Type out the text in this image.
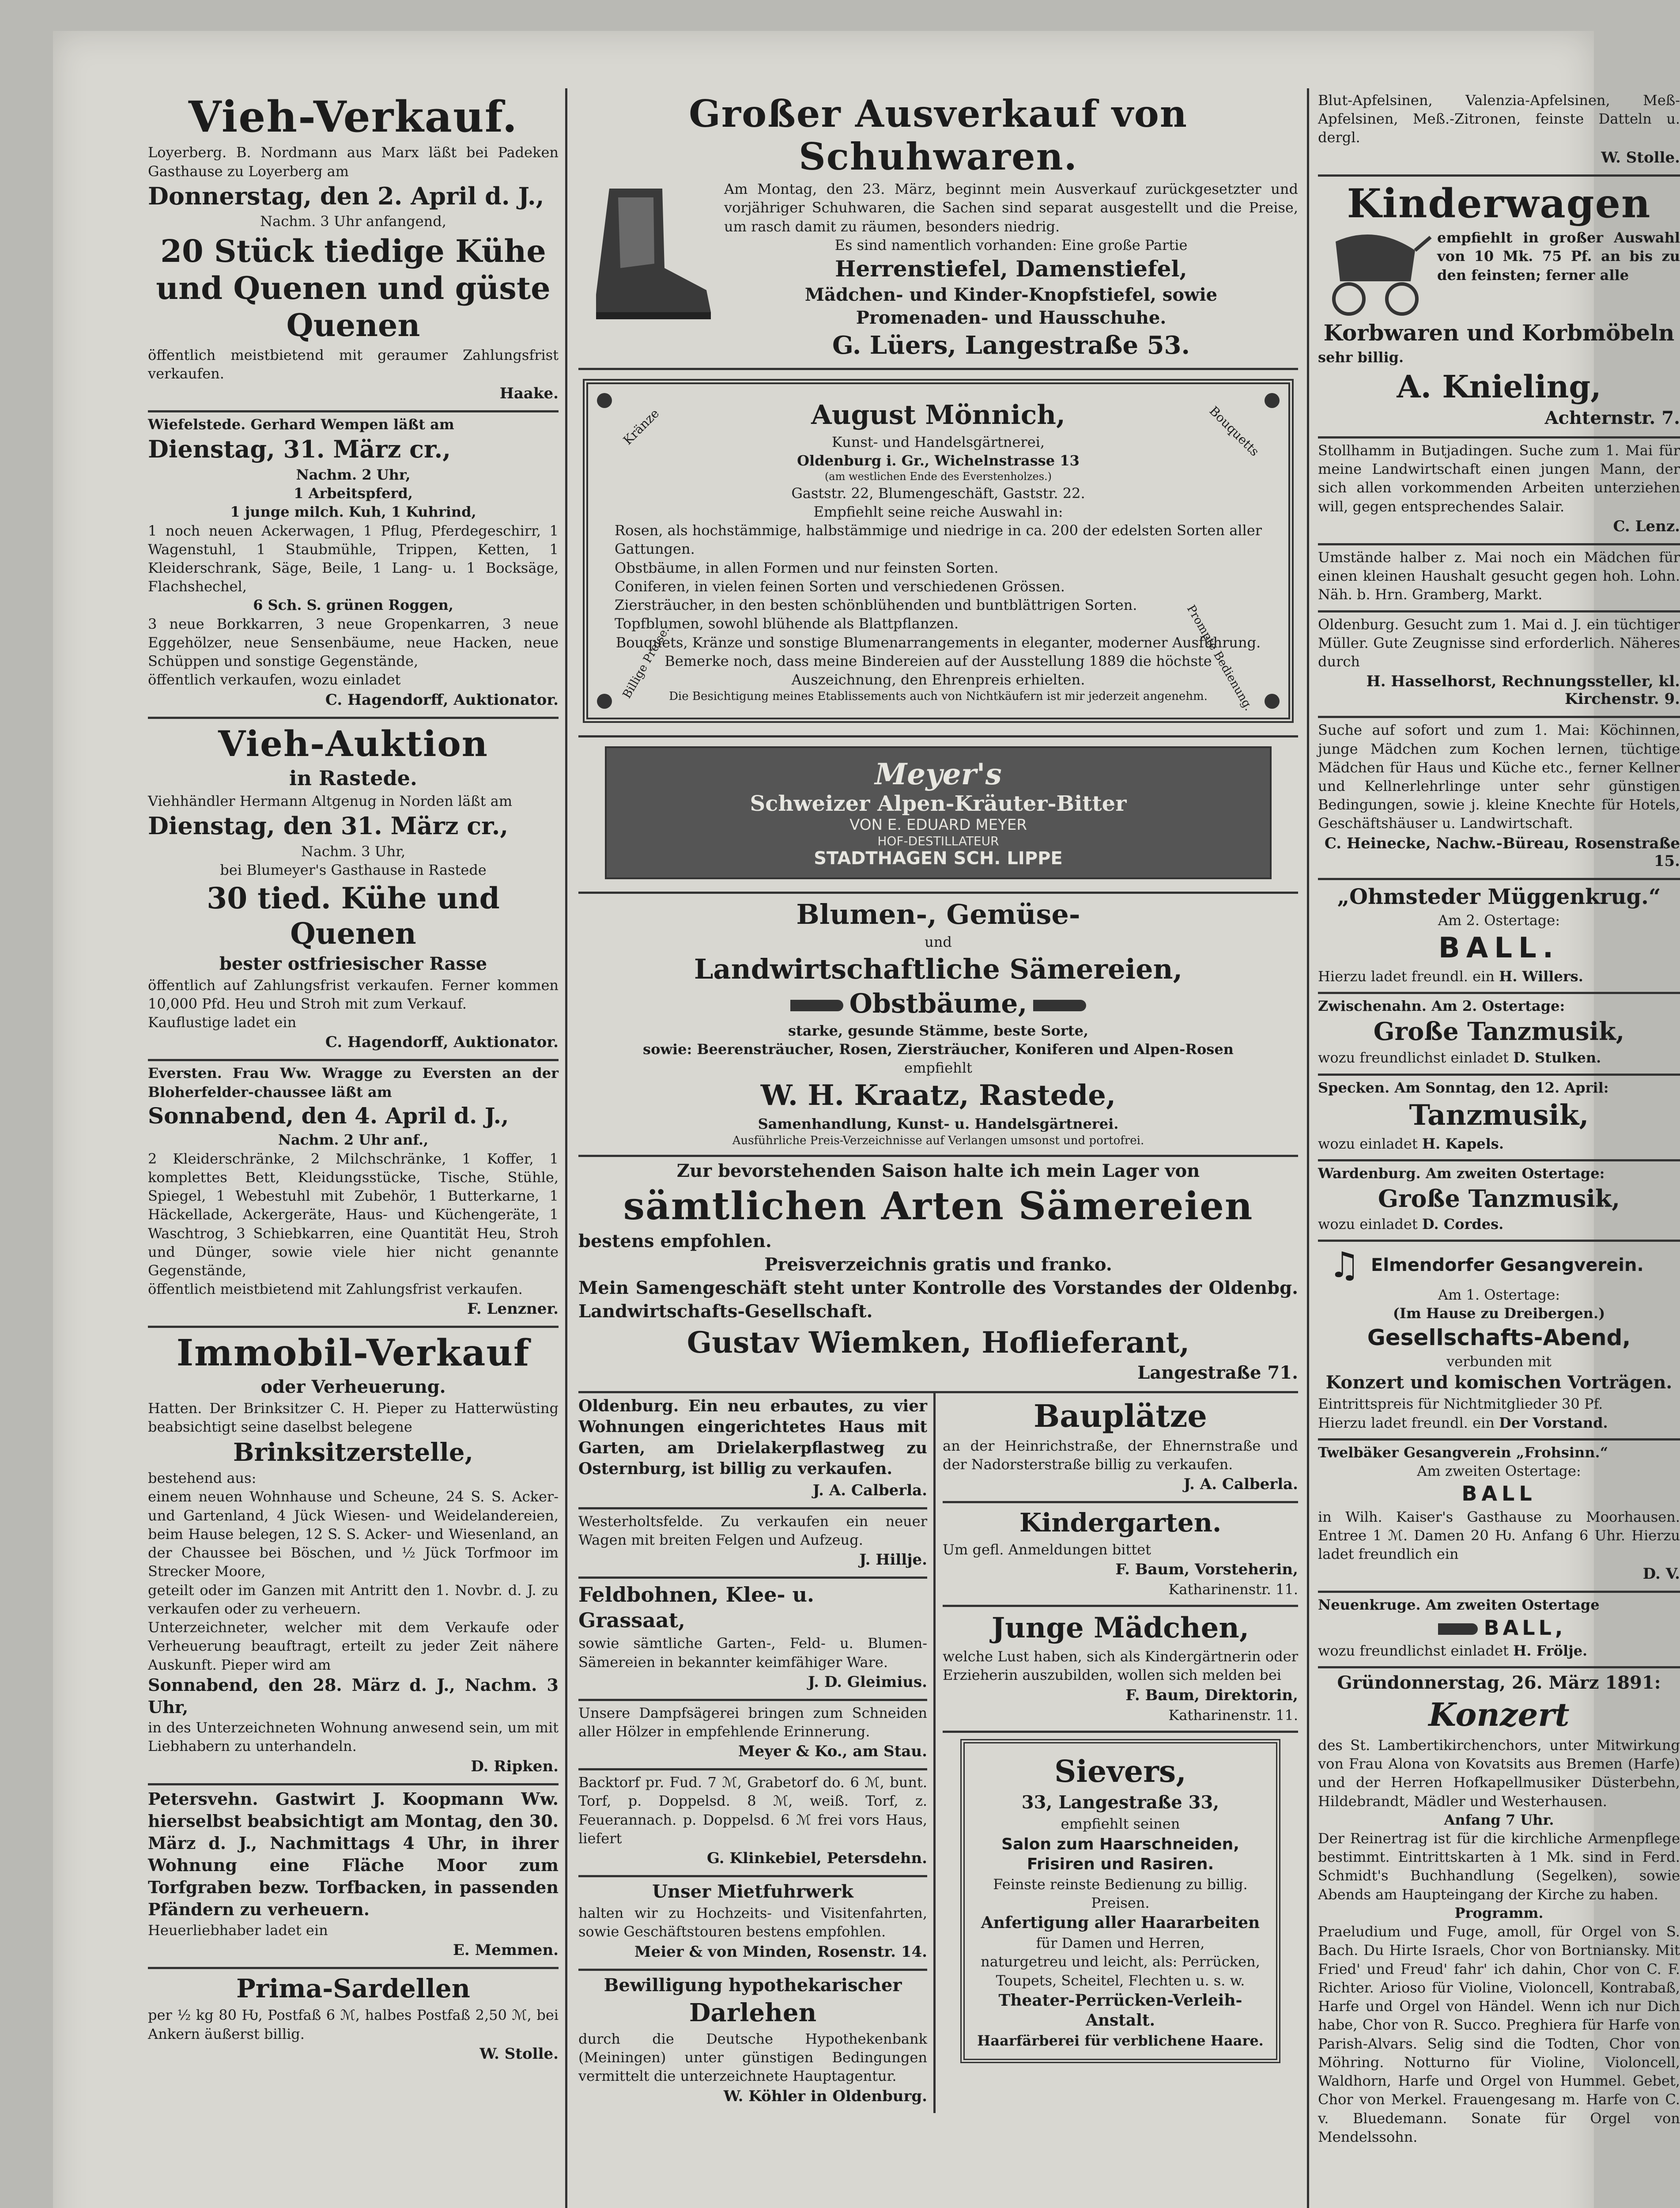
Vieh-Verkauf.

Loyerberg. B. Nordmann aus Marx läßt bei Padeken Gasthause zu Loyerberg am

Donnerstag, den 2. April d. J.,

Nachm. 3 Uhr anfangend,

20 Stück tiedige Kühe und Quenen und güste Quenen

öffentlich meistbietend mit geraumer Zahlungsfrist verkaufen.

Haake.

Wiefelstede. Gerhard Wempen läßt am

Dienstag, 31. März cr.,

Nachm. 2 Uhr,

1 Arbeitspferd,

1 junge milch. Kuh, 1 Kuhrind,

1 noch neuen Ackerwagen, 1 Pflug, Pferdegeschirr, 1 Wagenstuhl, 1 Staubmühle, Trippen, Ketten, 1 Kleiderschrank, Säge, Beile, 1 Lang- u. 1 Bocksäge, Flachshechel,

6 Sch. S. grünen Roggen,

3 neue Borkkarren, 3 neue Gropenkarren, 3 neue Eggehölzer, neue Sensenbäume, neue Hacken, neue Schüppen und sonstige Gegenstände,

öffentlich verkaufen, wozu einladet

C. Hagendorff, Auktionator.
Vieh-Auktion
in Rastede.

Viehhändler Hermann Altgenug in Norden läßt am

Dienstag, den 31. März cr.,

Nachm. 3 Uhr,

bei Blumeyer's Gasthause in Rastede

30 tied. Kühe und Quenen
bester ostfriesischer Rasse

öffentlich auf Zahlungsfrist verkaufen. Ferner kommen 10,000 Pfd. Heu und Stroh mit zum Verkauf.

Kauflustige ladet ein

C. Hagendorff, Auktionator.

Eversten. Frau Ww. Wragge zu Eversten an der Bloherfelder-chaussee läßt am

Sonnabend, den 4. April d. J.,

Nachm. 2 Uhr anf.,

2 Kleiderschränke, 2 Milchschränke, 1 Koffer, 1 komplettes Bett, Kleidungsstücke, Tische, Stühle, Spiegel, 1 Webestuhl mit Zubehör, 1 Butterkarne, 1 Häckellade, Ackergeräte, Haus- und Küchengeräte, 1 Waschtrog, 3 Schiebkarren, eine Quantität Heu, Stroh und Dünger, sowie viele hier nicht genannte Gegenstände,

öffentlich meistbietend mit Zahlungsfrist verkaufen.

F. Lenzner.
Immobil-Verkauf
oder Verheuerung.

Hatten. Der Brinksitzer C. H. Pieper zu Hatterwüsting beabsichtigt seine daselbst belegene

Brinksitzerstelle,

bestehend aus:

einem neuen Wohnhause und Scheune, 24 S. S. Acker- und Gartenland, 4 Jück Wiesen- und Weidelandereien, beim Hause belegen, 12 S. S. Acker- und Wiesenland, an der Chaussee bei Böschen, und ½ Jück Torfmoor im Strecker Moore,

geteilt oder im Ganzen mit Antritt den 1. Novbr. d. J. zu verkaufen oder zu verheuern.

Unterzeichneter, welcher mit dem Verkaufe oder Verheuerung beauftragt, erteilt zu jeder Zeit nähere Auskunft. Pieper wird am

Sonnabend, den 28. März d. J., Nachm. 3 Uhr,

in des Unterzeichneten Wohnung anwesend sein, um mit Liebhabern zu unterhandeln.

D. Ripken.

Petersvehn. Gastwirt J. Koopmann Ww. hierselbst beabsichtigt am Montag, den 30. März d. J., Nachmittags 4 Uhr, in ihrer Wohnung eine Fläche Moor zum Torfgraben bezw. Torfbacken, in passenden Pfändern zu verheuern.

Heuerliebhaber ladet ein

E. Memmen.
Prima-Sardellen

per ½ kg 80 Ƕ, Postfaß 6 ℳ, halbes Postfaß 2,50 ℳ, bei Ankern äußerst billig.

W. Stolle.
Großer Ausverkauf von Schuhwaren.

Am Montag, den 23. März, beginnt mein Ausverkauf zurückgesetzter und vorjähriger Schuhwaren, die Sachen sind separat ausgestellt und die Preise, um rasch damit zu räumen, besonders niedrig.

Es sind namentlich vorhanden: Eine große Partie

Herrenstiefel, Damenstiefel,
Mädchen- und Kinder-Knopfstiefel, sowie
Promenaden- und Hausschuhe.
G. Lüers, Langestraße 53.
Kränze	Bouquetts
Billige Preise.	Prompte Bedienung.
August Mönnich,

Kunst- und Handelsgärtnerei,

Oldenburg i. Gr., Wichelnstrasse 13

(am westlichen Ende des Everstenholzes.)

Gaststr. 22, Blumengeschäft, Gaststr. 22.

Empfiehlt seine reiche Auswahl in:

Rosen, als hochstämmige, halbstämmige und niedrige in ca. 200 der edelsten Sorten aller Gattungen.

Obstbäume, in allen Formen und nur feinsten Sorten.

Coniferen, in vielen feinen Sorten und verschiedenen Grössen.

Ziersträucher, in den besten schönblühenden und buntblättrigen Sorten.

Topfblumen, sowohl blühende als Blattpflanzen.

Bouquets, Kränze und sonstige Blumenarrangements in eleganter, moderner Ausführung.

Bemerke noch, dass meine Bindereien auf der Ausstellung 1889 die höchste Auszeichnung, den Ehrenpreis erhielten.

Die Besichtigung meines Etablissements auch von Nichtkäufern ist mir jederzeit angenehm.

Meyer's
Schweizer Alpen-Kräuter-Bitter
VON E. EDUARD MEYER
HOF-DESTILLATEUR
STADTHAGEN SCH. LIPPE
Blumen-, Gemüse-

und

Landwirtschaftliche Sämereien,
Obstbäume,

starke, gesunde Stämme, beste Sorte,

sowie: Beerensträucher, Rosen, Ziersträucher, Koniferen und Alpen-Rosen

empfiehlt

W. H. Kraatz, Rastede,

Samenhandlung, Kunst- u. Handelsgärtnerei.

Ausführliche Preis-Verzeichnisse auf Verlangen umsonst und portofrei.

Zur bevorstehenden Saison halte ich mein Lager von

sämtlichen Arten Sämereien

bestens empfohlen.

Preisverzeichnis gratis und franko.

Mein Samengeschäft steht unter Kontrolle des Vorstandes der Oldenbg. Landwirtschafts-Gesellschaft.

Gustav Wiemken, Hoflieferant,
Langestraße 71.

Oldenburg. Ein neu erbautes, zu vier Wohnungen eingerichtetes Haus mit Garten, am Drielakerpflastweg zu Osternburg, ist billig zu verkaufen.

J. A. Calberla.

Westerholtsfelde. Zu verkaufen ein neuer Wagen mit breiten Felgen und Aufzeug.

J. Hillje.
Feldbohnen, Klee- u. Grassaat,

sowie sämtliche Garten-, Feld- u. Blumen-Sämereien in bekannter keimfähiger Ware.

J. D. Gleimius.

Unsere Dampfsägerei bringen zum Schneiden aller Hölzer in empfehlende Erinnerung.

Meyer & Ko., am Stau.

Backtorf pr. Fud. 7 ℳ, Grabetorf do. 6 ℳ, bunt. Torf, p. Doppelsd. 8 ℳ, weiß. Torf, z. Feuerannach. p. Doppelsd. 6 ℳ frei vors Haus, liefert

G. Klinkebiel, Petersdehn.
Unser Mietfuhrwerk

halten wir zu Hochzeits- und Visitenfahrten, sowie Geschäftstouren bestens empfohlen.

Meier & von Minden, Rosenstr. 14.
Bewilligung hypothekarischer
Darlehen

durch die Deutsche Hypothekenbank (Meiningen) unter günstigen Bedingungen vermittelt die unterzeichnete Hauptagentur.

W. Köhler in Oldenburg.
Bauplätze

an der Heinrichstraße, der Ehnernstraße und der Nadorsterstraße billig zu verkaufen.

J. A. Calberla.
Kindergarten.

Um gefl. Anmeldungen bittet

F. Baum, Vorsteherin,

Katharinenstr. 11.

Junge Mädchen,

welche Lust haben, sich als Kindergärtnerin oder Erzieherin auszubilden, wollen sich melden bei

F. Baum, Direktorin,

Katharinenstr. 11.

Sievers,
33, Langestraße 33,

empfiehlt seinen

Salon zum Haarschneiden, Frisiren und Rasiren.

Feinste reinste Bedienung zu billig. Preisen.

Anfertigung aller Haararbeiten

für Damen und Herren,

naturgetreu und leicht, als: Perrücken, Toupets, Scheitel, Flechten u. s. w.

Theater-Perrücken-Verleih-Anstalt.

Haarfärberei für verblichene Haare.

Blut-Apfelsinen, Valenzia-Apfelsinen, Meß-Apfelsinen, Meß.-Zitronen, feinste Datteln u. dergl.

W. Stolle.
Kinderwagen

empfiehlt in großer Auswahl von 10 Mk. 75 Pf. an bis zu den feinsten; ferner alle

Korbwaren und Korbmöbeln

sehr billig.

A. Knieling,
Achternstr. 7.

Stollhamm in Butjadingen. Suche zum 1. Mai für meine Landwirtschaft einen jungen Mann, der sich allen vorkommenden Arbeiten unterziehen will, gegen entsprechendes Salair.

C. Lenz.

Umstände halber z. Mai noch ein Mädchen für einen kleinen Haushalt gesucht gegen hoh. Lohn. Näh. b. Hrn. Gramberg, Markt.

Oldenburg. Gesucht zum 1. Mai d. J. ein tüchtiger Müller. Gute Zeugnisse sind erforderlich. Näheres durch

H. Hasselhorst, Rechnungssteller, kl. Kirchenstr. 9.

Suche auf sofort und zum 1. Mai: Köchinnen, junge Mädchen zum Kochen lernen, tüchtige Mädchen für Haus und Küche etc., ferner Kellner und Kellnerlehrlinge unter sehr günstigen Bedingungen, sowie j. kleine Knechte für Hotels, Geschäftshäuser u. Landwirtschaft.

C. Heinecke, Nachw.-Büreau, Rosenstraße 15.
„Ohmsteder Müggenkrug.“

Am 2. Ostertage:

BALL.

Hierzu ladet freundl. ein H. Willers.

Zwischenahn. Am 2. Ostertage:

Große Tanzmusik,

wozu freundlichst einladet D. Stulken.

Specken. Am Sonntag, den 12. April:

Tanzmusik,

wozu einladet H. Kapels.

Wardenburg. Am zweiten Ostertage:

Große Tanzmusik,

wozu einladet D. Cordes.

♫ Elmendorfer Gesangverein.

Am 1. Ostertage:

(Im Hause zu Dreibergen.)

Gesellschafts-Abend,

verbunden mit

Konzert und komischen Vorträgen.

Eintrittspreis für Nichtmitglieder 30 Pf.

Hierzu ladet freundl. ein Der Vorstand.

Twelbäker Gesangverein „Frohsinn.“

Am zweiten Ostertage:

BALL

in Wilh. Kaiser's Gasthause zu Moorhausen. Entree 1 ℳ. Damen 20 Ƕ. Anfang 6 Uhr. Hierzu ladet freundlich ein

D. V.

Neuenkruge. Am zweiten Ostertage

BALL,

wozu freundlichst einladet H. Frölje.

Gründonnerstag, 26. März 1891:
Konzert

des St. Lambertikirchenchors, unter Mitwirkung von Frau Alona von Kovatsits aus Bremen (Harfe) und der Herren Hofkapellmusiker Düsterbehn, Hildebrandt, Mädler und Westerhausen.

Anfang 7 Uhr.

Der Reinertrag ist für die kirchliche Armenpflege bestimmt. Eintrittskarten à 1 Mk. sind in Ferd. Schmidt's Buchhandlung (Segelken), sowie Abends am Haupteingang der Kirche zu haben.

Programm.

Praeludium und Fuge, amoll, für Orgel von S. Bach. Du Hirte Israels, Chor von Bortniansky. Mit Fried' und Freud' fahr' ich dahin, Chor von C. F. Richter. Arioso für Violine, Violoncell, Kontrabaß, Harfe und Orgel von Händel. Wenn ich nur Dich habe, Chor von R. Succo. Preghiera für Harfe von Parish-Alvars. Selig sind die Todten, Chor von Möhring. Notturno für Violine, Violoncell, Waldhorn, Harfe und Orgel von Hummel. Gebet, Chor von Merkel. Frauengesang m. Harfe von C. v. Bluedemann. Sonate für Orgel von Mendelssohn.
